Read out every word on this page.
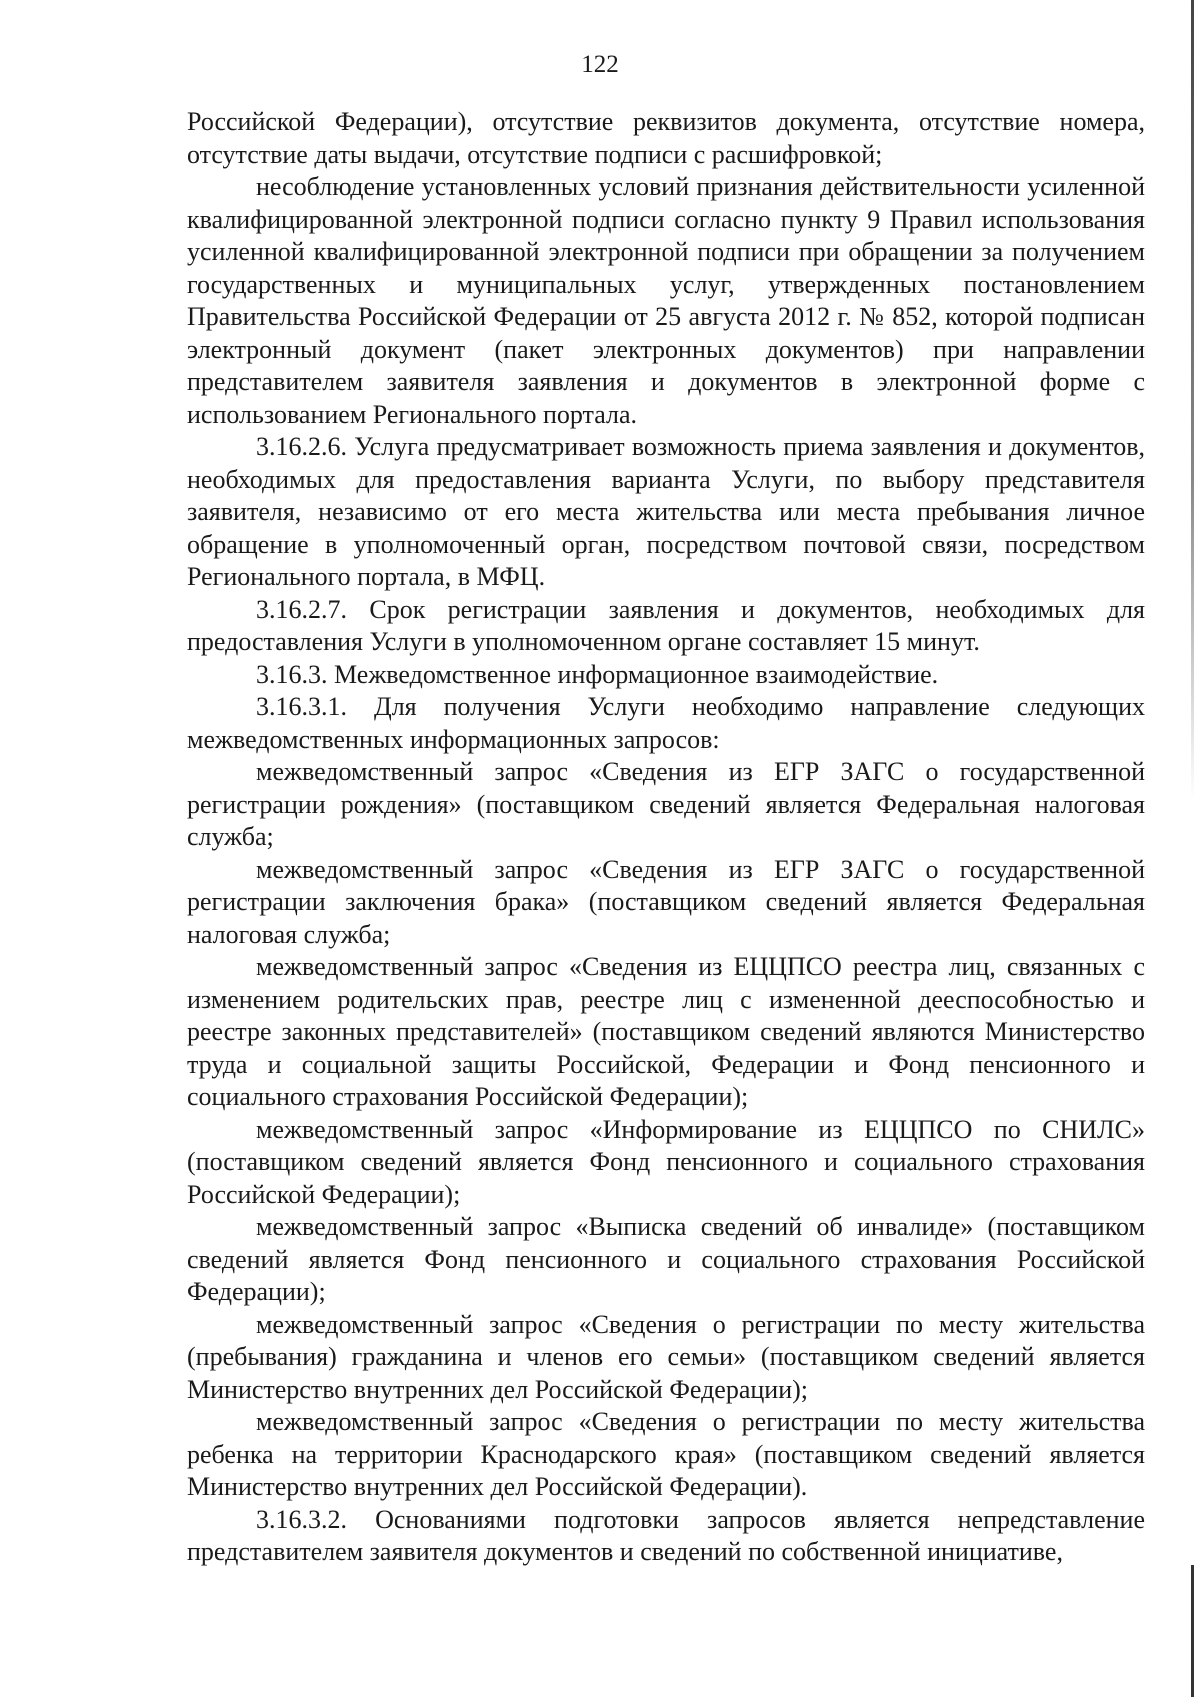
122

Российской Федерации), отсутствие реквизитов документа, отсутствие номера, отсутствие даты выдачи, отсутствие подписи с расшифровкой;

несоблюдение установленных условий признания действительности усиленной квалифицированной электронной подписи согласно пункту 9 Правил использования усиленной квалифицированной электронной подписи при обращении за получением государственных и муниципальных услуг, утвержденных постановлением Правительства Российской Федерации от 25 августа 2012 г. № 852, которой подписан электронный документ (пакет электронных документов) при направлении представителем заявителя заявления и документов в электронной форме с использованием Регионального портала.

3.16.2.6. Услуга предусматривает возможность приема заявления и документов, необходимых для предоставления варианта Услуги, по выбору представителя заявителя, независимо от его места жительства или места пребывания личное обращение в уполномоченный орган, посредством почтовой связи, посредством Регионального портала, в МФЦ.

3.16.2.7. Срок регистрации заявления и документов, необходимых для предоставления Услуги в уполномоченном органе составляет 15 минут.

3.16.3. Межведомственное информационное взаимодействие.

3.16.3.1. Для получения Услуги необходимо направление следующих межведомственных информационных запросов:

межведомственный запрос «Сведения из ЕГР ЗАГС о государственной регистрации рождения» (поставщиком сведений является Федеральная налоговая служба;

межведомственный запрос «Сведения из ЕГР ЗАГС о государственной регистрации заключения брака» (поставщиком сведений является Федеральная налоговая служба;

межведомственный запрос «Сведения из ЕЦЦПСО реестра лиц, связанных с изменением родительских прав, реестре лиц с измененной дееспособностью и реестре законных представителей» (поставщиком сведений являются Министерство труда и социальной защиты Российской, Федерации и Фонд пенсионного и социального страхования Российской Федерации);

межведомственный запрос «Информирование из ЕЦЦПСО по СНИЛС» (поставщиком сведений является Фонд пенсионного и социального страхования Российской Федерации);

межведомственный запрос «Выписка сведений об инвалиде» (поставщиком сведений является Фонд пенсионного и социального страхования Российской Федерации);

межведомственный запрос «Сведения о регистрации по месту жительства (пребывания) гражданина и членов его семьи» (поставщиком сведений является Министерство внутренних дел Российской Федерации);

межведомственный запрос «Сведения о регистрации по месту жительства ребенка на территории Краснодарского края» (поставщиком сведений является Министерство внутренних дел Российской Федерации).

3.16.3.2. Основаниями подготовки запросов является непредставление представителем заявителя документов и сведений по собственной инициативе,
